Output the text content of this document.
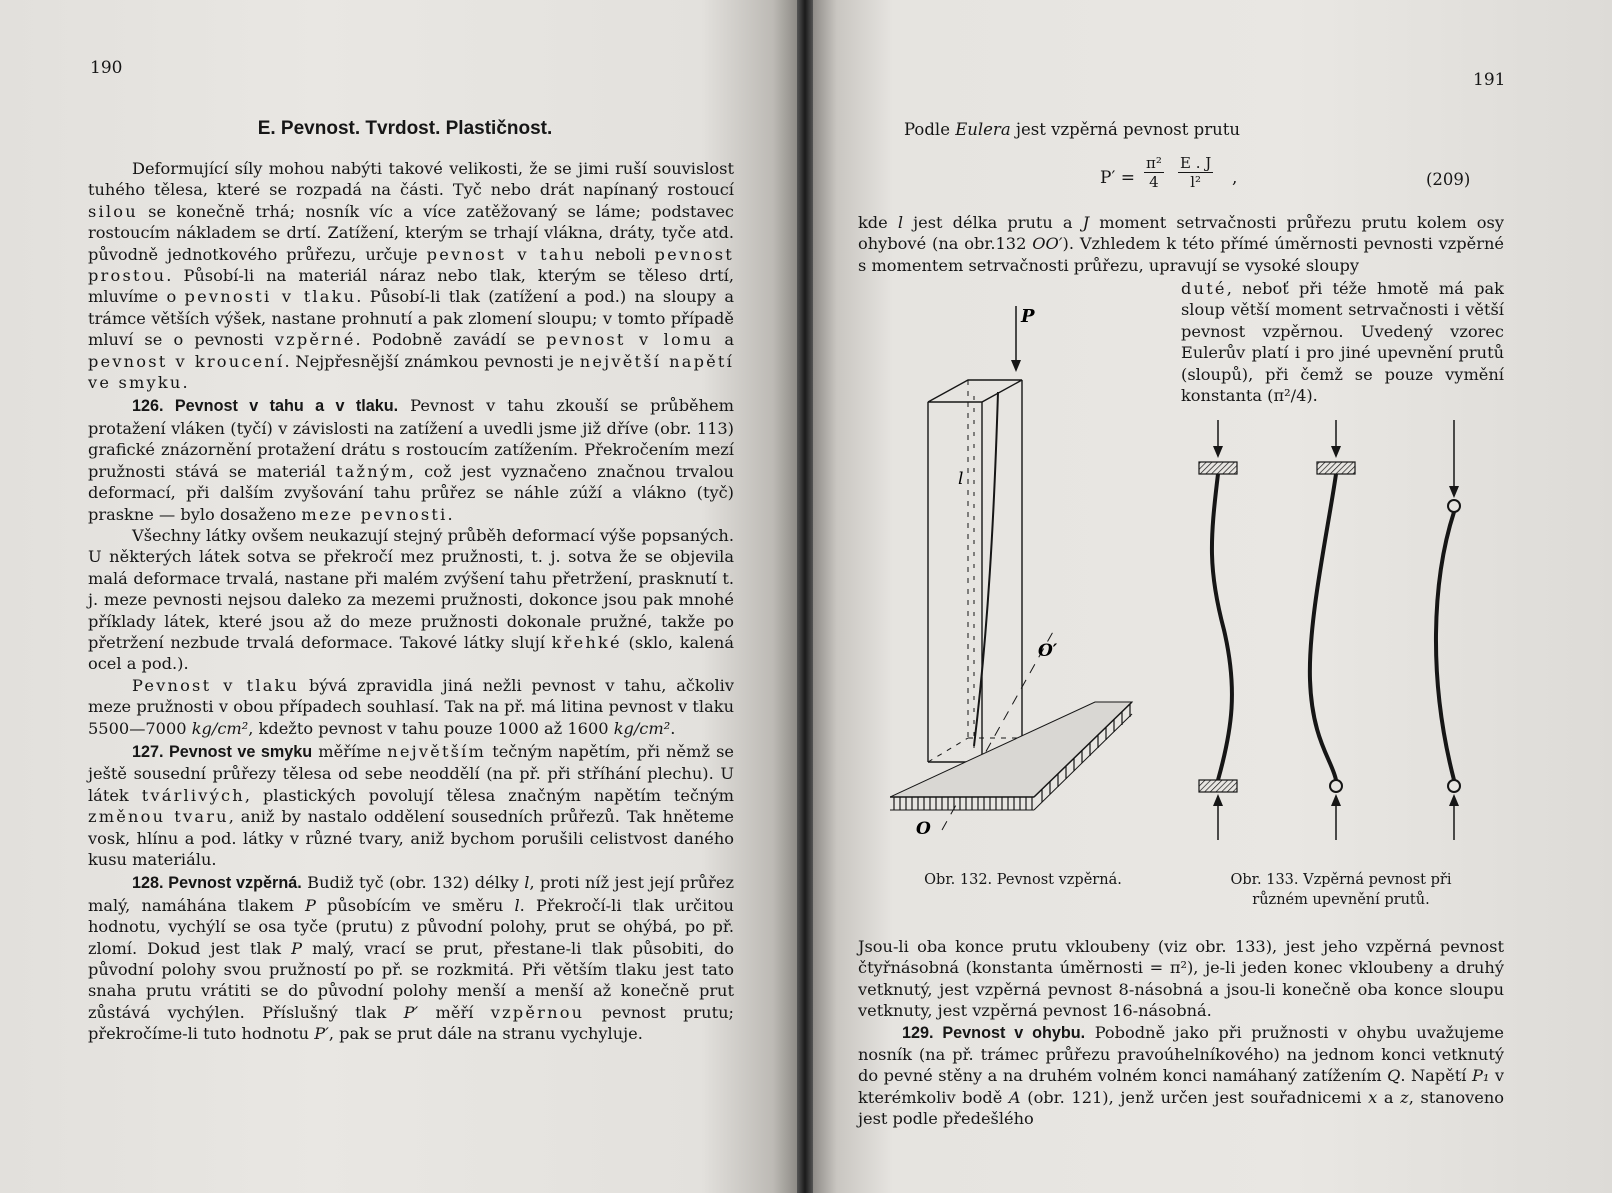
190
E. Pevnost. Tvrdost. Plastičnost.

Deformující síly mohou nabýti takové velikosti, že se jimi ruší souvislost tuhého tělesa, které se rozpadá na části. Tyč nebo drát napínaný rostoucí silou se konečně trhá; nosník víc a více zatěžovaný se láme; podstavec rostoucím nákladem se drtí. Zatížení, kterým se trhají vlákna, dráty, tyče atd. původně jednotkového průřezu, určuje pevnost v tahu neboli pevnost prostou. Působí-li na materiál náraz nebo tlak, kterým se těleso drtí, mluvíme o pevnosti v tlaku. Působí-li tlak (zatížení a pod.) na sloupy a trámce větších výšek, nastane prohnutí a pak zlomení sloupu; v tomto případě mluví se o pevnosti vzpěrné. Podobně zavádí se pevnost v lomu a pevnost v kroucení. Nejpřesnější známkou pevnosti je největší napětí ve smyku.

126. Pevnost v tahu a v tlaku. Pevnost v tahu zkouší se průběhem protažení vláken (tyčí) v závislosti na zatížení a uvedli jsme již dříve (obr. 113) grafické znázornění protažení drátu s rostoucím zatížením. Překročením mezí pružnosti stává se materiál tažným, což jest vyznačeno značnou trvalou deformací, při dalším zvyšování tahu průřez se náhle zúží a vlákno (tyč) praskne — bylo dosaženo meze pevnosti.

Všechny látky ovšem neukazují stejný průběh deformací výše popsaných. U některých látek sotva se překročí mez pružnosti, t. j. sotva že se objevila malá deformace trvalá, nastane při malém zvýšení tahu přetržení, prasknutí t. j. meze pevnosti nejsou daleko za mezemi pružnosti, dokonce jsou pak mnohé příklady látek, které jsou až do meze pružnosti dokonale pružné, takže po přetržení nezbude trvalá deformace. Takové látky slují křehké (sklo, kalená ocel a pod.).

Pevnost v tlaku bývá zpravidla jiná nežli pevnost v tahu, ačkoliv meze pružnosti v obou případech souhlasí. Tak na př. má litina pevnost v tlaku 5500—7000 kg/cm², kdežto pevnost v tahu pouze 1000 až 1600 kg/cm².

127. Pevnost ve smyku měříme největším tečným napětím, při němž se ještě sousední průřezy tělesa od sebe neoddělí (na př. při stříhání plechu). U látek tvárlivých, plastických povolují tělesa značným napětím tečným změnou tvaru, aniž by nastalo oddělení sousedních průřezů. Tak hněteme vosk, hlínu a pod. látky v různé tvary, aniž bychom porušili celistvost daného kusu materiálu.

128. Pevnost vzpěrná. Budiž tyč (obr. 132) délky l, proti níž jest její průřez malý, namáhána tlakem P působícím ve směru l. Překročí-li tlak určitou hodnotu, vychýlí se osa tyče (prutu) z původní polohy, prut se ohýbá, po př. zlomí. Dokud jest tlak P malý, vrací se prut, přestane-li tlak působiti, do původní polohy svou pružností po př. se rozkmitá. Při větším tlaku jest tato snaha prutu vrátiti se do původní polohy menší a menší až konečně prut zůstává vychýlen. Příslušný tlak P′ měří vzpěrnou pevnost prutu; překročíme-li tuto hodnotu P′, pak se prut dále na stranu vychyluje.

191
Podle Eulera jest vzpěrná pevnost prutu
$P' = \frac{\text{π²}}{4} \frac{E . J}{\text{l²}}$ ,	(209)
kde l jest délka prutu a J moment setrvačnosti průřezu prutu kolem osy ohybové (na obr.132 OO′). Vzhledem k této přímé úměrnosti pevnosti vzpěrné s momentem setrvačnosti průřezu, upravují se vysoké sloupy

duté, neboť při téže hmotě má pak sloup větší moment setrvačnosti i větší pevnost vzpěrnou. Uvedený vzorec Eulerův platí i pro jiné upevnění prutů (sloupů), při čemž se pouze vymění konstanta (π²/4).

P
l
O′
O
Obr. 132. Pevnost vzpěrná.	Obr. 133. Vzpěrná pevnost při
různém upevnění prutů.

Jsou-li oba konce prutu vkloubeny (viz obr. 133), jest jeho vzpěrná pevnost čtyřnásobná (konstanta úměrnosti = π²), je-li jeden konec vkloubeny a druhý vetknutý, jest vzpěrná pevnost 8-násobná a jsou-li konečně oba konce sloupu vetknuty, jest vzpěrná pevnost 16-násobná.

129. Pevnost v ohybu. Pobodně jako při pružnosti v ohybu uvažujeme nosník (na př. trámec průřezu pravoúhelníkového) na jednom konci vetknutý do pevné stěny a na druhém volném konci namáhaný zatížením Q. Napětí P₁ v kterémkoliv bodě A (obr. 121), jenž určen jest souřadnicemi x a z, stanoveno jest podle předešlého
